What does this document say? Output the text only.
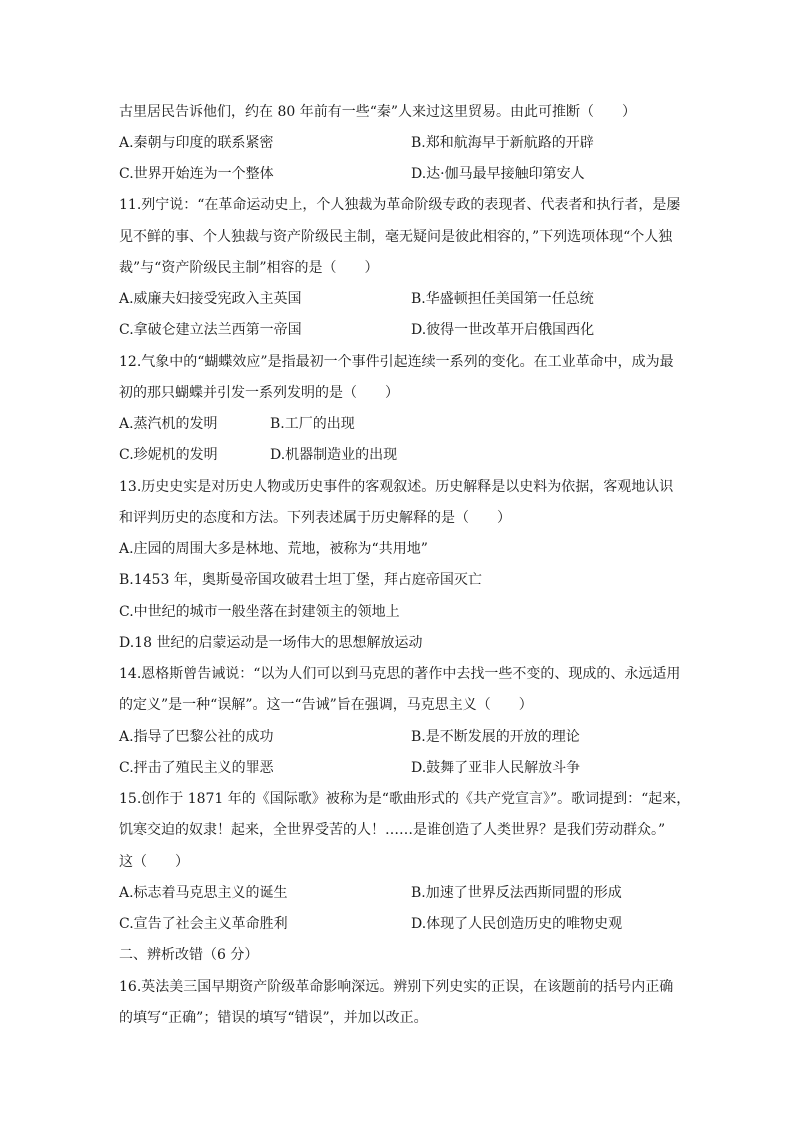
古里居民告诉他们，约在 80 年前有一些“秦”人来过这里贸易。由此可推断（　　）
A.秦朝与印度的联系紧密	B.郑和航海早于新航路的开辟
C.世界开始连为一个整体	D.达·伽马最早接触印第安人
11.列宁说：“在革命运动史上，个人独裁为革命阶级专政的表现者、代表者和执行者，是屡
见不鲜的事、个人独裁与资产阶级民主制，毫无疑问是彼此相容的，”下列选项体现“个人独
裁”与“资产阶级民主制”相容的是（　　）
A.威廉夫妇接受宪政入主英国	B.华盛顿担任美国第一任总统
C.拿破仑建立法兰西第一帝国	D.彼得一世改革开启俄国西化
12.气象中的“蝴蝶效应”是指最初一个事件引起连续一系列的变化。在工业革命中，成为最
初的那只蝴蝶并引发一系列发明的是（　　）
A.蒸汽机的发明	B.工厂的出现
C.珍妮机的发明	D.机器制造业的出现
13.历史史实是对历史人物或历史事件的客观叙述。历史解释是以史料为依据，客观地认识
和评判历史的态度和方法。下列表述属于历史解释的是（　　）
A.庄园的周围大多是林地、荒地，被称为“共用地”
B.1453 年，奥斯曼帝国攻破君士坦丁堡，拜占庭帝国灭亡
C.中世纪的城市一般坐落在封建领主的领地上
D.18 世纪的启蒙运动是一场伟大的思想解放运动
14.恩格斯曾告诫说：“以为人们可以到马克思的著作中去找一些不变的、现成的、永远适用
的定义”是一种“误解”。这一“告诫”旨在强调，马克思主义（　　）
A.指导了巴黎公社的成功	B.是不断发展的开放的理论
C.抨击了殖民主义的罪恶	D.鼓舞了亚非人民解放斗争
15.创作于 1871 年的《国际歌》被称为是“歌曲形式的《共产党宣言》”。歌词提到：“起来，
饥寒交迫的奴隶！起来，全世界受苦的人！……是谁创造了人类世界？是我们劳动群众。”
这（　　）
A.标志着马克思主义的诞生	B.加速了世界反法西斯同盟的形成
C.宣告了社会主义革命胜利	D.体现了人民创造历史的唯物史观
二、辨析改错（6 分）
16.英法美三国早期资产阶级革命影响深远。辨别下列史实的正误，在该题前的括号内正确
的填写“正确”；错误的填写“错误”，并加以改正。
